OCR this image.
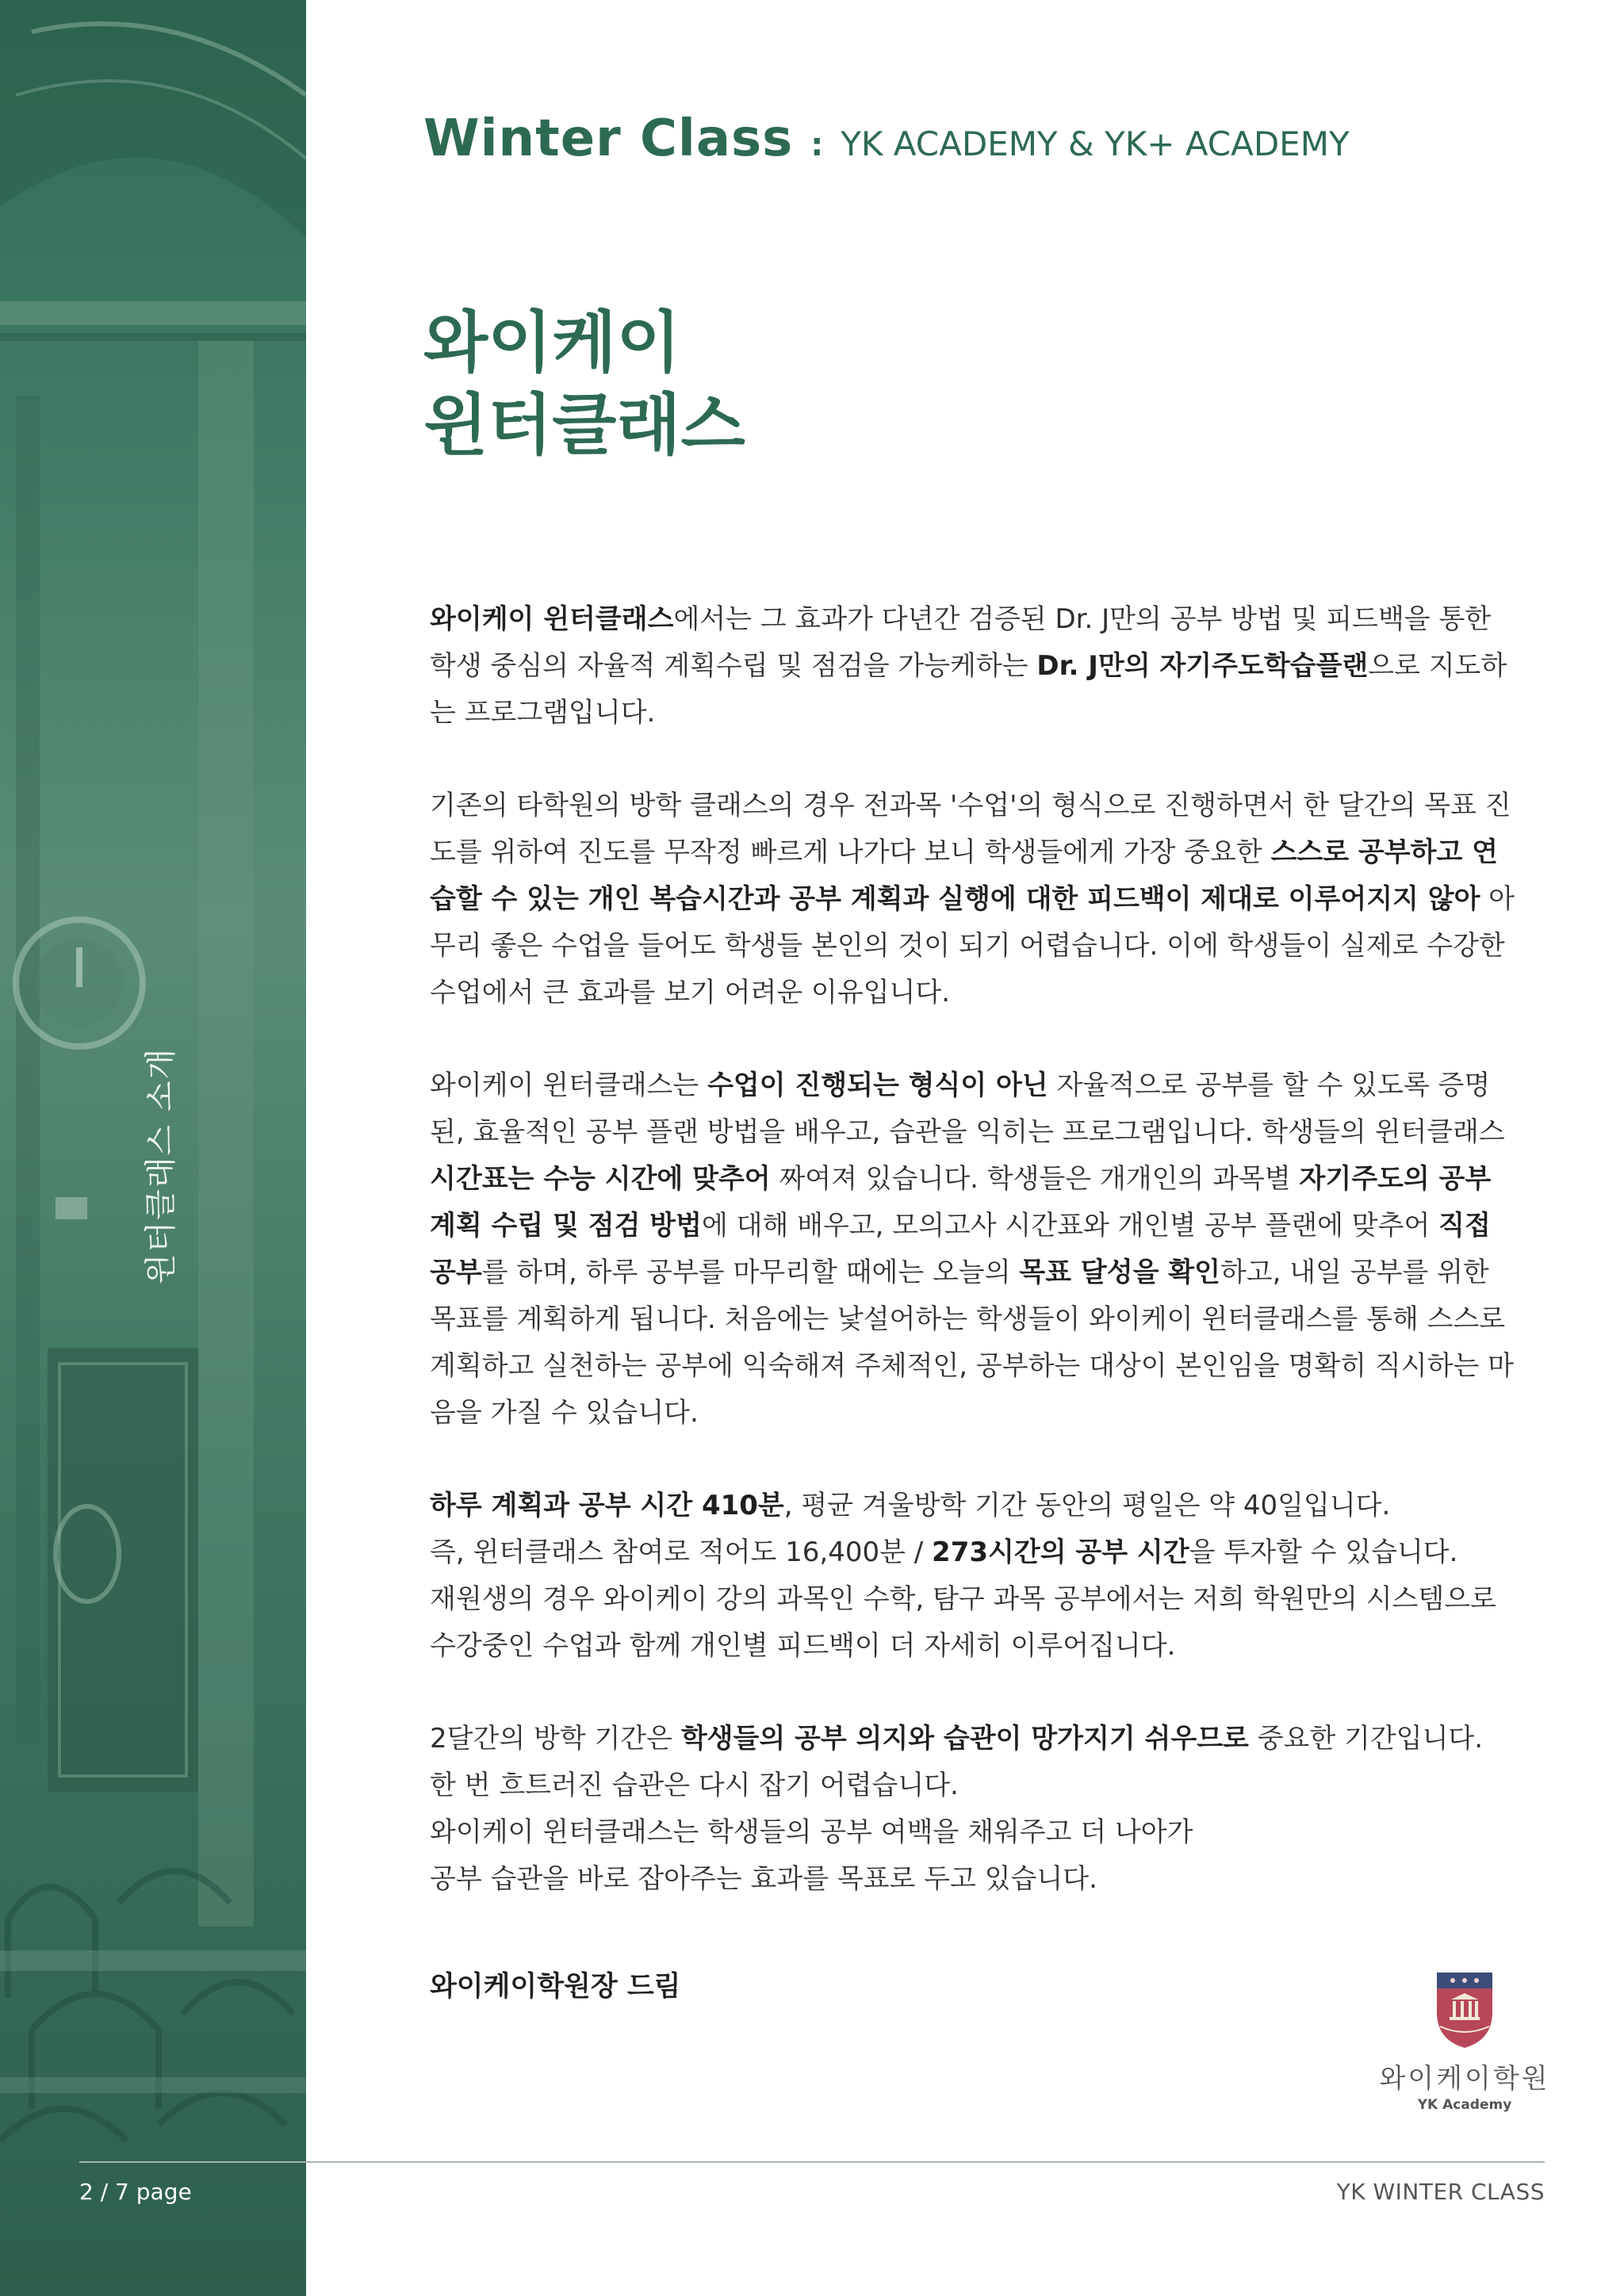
윈터클래스 소개
2 / 7 page	YK WINTER CLASS
Winter Class : YK ACADEMY & YK+ ACADEMY
와이케이
윈터클래스

와이케이 윈터클래스에서는 그 효과가 다년간 검증된 Dr. J만의 공부 방법 및 피드백을 통한 학생 중심의 자율적 계획수립 및 점검을 가능케하는 Dr. J만의 자기주도학습플랜으로 지도하는 프로그램입니다.

기존의 타학원의 방학 클래스의 경우 전과목 '수업'의 형식으로 진행하면서 한 달간의 목표 진도를 위하여 진도를 무작정 빠르게 나가다 보니 학생들에게 가장 중요한 스스로 공부하고 연습할 수 있는 개인 복습시간과 공부 계획과 실행에 대한 피드백이 제대로 이루어지지 않아 아무리 좋은 수업을 들어도 학생들 본인의 것이 되기 어렵습니다. 이에 학생들이 실제로 수강한 수업에서 큰 효과를 보기 어려운 이유입니다.

와이케이 윈터클래스는 수업이 진행되는 형식이 아닌 자율적으로 공부를 할 수 있도록 증명된, 효율적인 공부 플랜 방법을 배우고, 습관을 익히는 프로그램입니다. 학생들의 윈터클래스 시간표는 수능 시간에 맞추어 짜여져 있습니다. 학생들은 개개인의 과목별 자기주도의 공부 계획 수립 및 점검 방법에 대해 배우고, 모의고사 시간표와 개인별 공부 플랜에 맞추어 직접 공부를 하며, 하루 공부를 마무리할 때에는 오늘의 목표 달성을 확인하고, 내일 공부를 위한 목표를 계획하게 됩니다. 처음에는 낯설어하는 학생들이 와이케이 윈터클래스를 통해 스스로 계획하고 실천하는 공부에 익숙해져 주체적인, 공부하는 대상이 본인임을 명확히 직시하는 마음을 가질 수 있습니다.

하루 계획과 공부 시간 410분, 평균 겨울방학 기간 동안의 평일은 약 40일입니다.
즉, 윈터클래스 참여로 적어도 16,400분 / 273시간의 공부 시간을 투자할 수 있습니다.
재원생의 경우 와이케이 강의 과목인 수학, 탐구 과목 공부에서는 저희 학원만의 시스템으로 수강중인 수업과 함께 개인별 피드백이 더 자세히 이루어집니다.

2달간의 방학 기간은 학생들의 공부 의지와 습관이 망가지기 쉬우므로 중요한 기간입니다. 한 번 흐트러진 습관은 다시 잡기 어렵습니다.
와이케이 윈터클래스는 학생들의 공부 여백을 채워주고 더 나아가
공부 습관을 바로 잡아주는 효과를 목표로 두고 있습니다.

와이케이학원장 드림
와이케이학원
YK Academy
